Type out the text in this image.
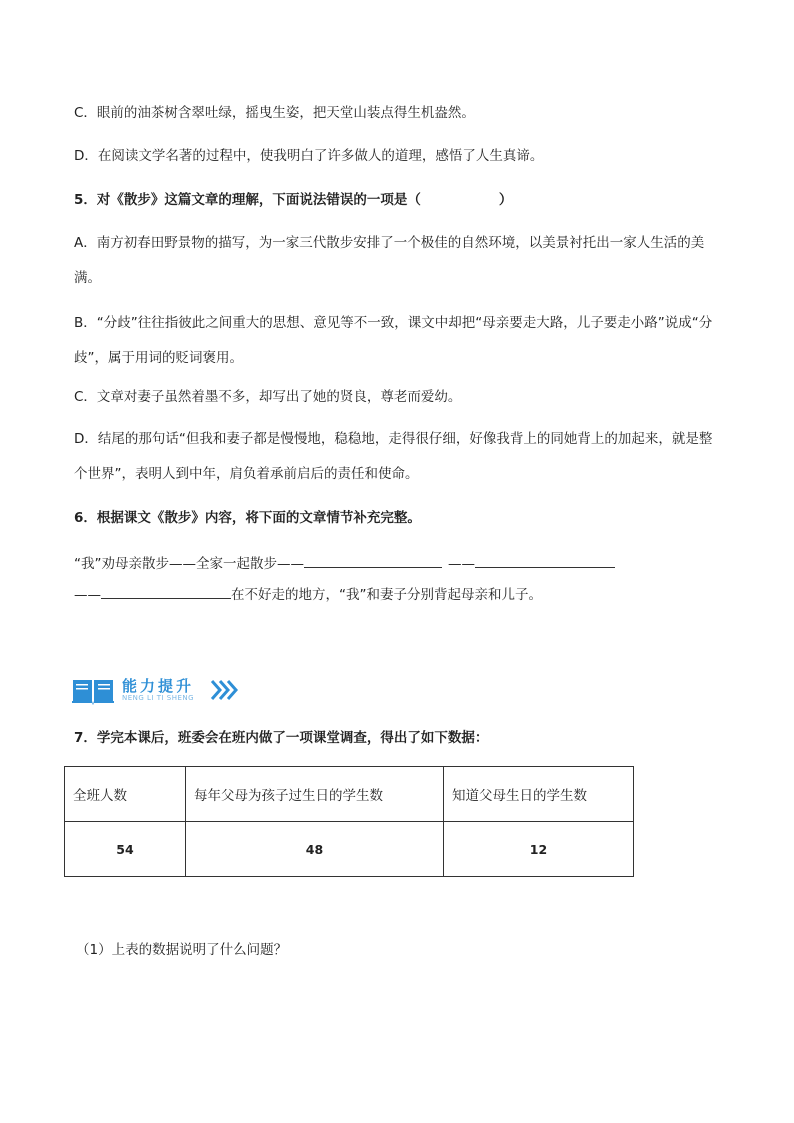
C．眼前的油茶树含翠吐绿，摇曳生姿，把天堂山装点得生机盎然。
D．在阅读文学名著的过程中，使我明白了许多做人的道理，感悟了人生真谛。
5．对《散步》这篇文章的理解，下面说法错误的一项是（	）
A．南方初春田野景物的描写，为一家三代散步安排了一个极佳的自然环境，以美景衬托出一家人生活的美满。
B．“分歧”往往指彼此之间重大的思想、意见等不一致，课文中却把“母亲要走大路，儿子要走小路”说成“分歧”，属于用词的贬词褒用。
C．文章对妻子虽然着墨不多，却写出了她的贤良，尊老而爱幼。
D．结尾的那句话“但我和妻子都是慢慢地，稳稳地，走得很仔细，好像我背上的同她背上的加起来，就是整个世界”，表明人到中年，肩负着承前启后的责任和使命。
6．根据课文《散步》内容，将下面的文章情节补充完整。
“我”劝母亲散步——全家一起散步——	——
——	在不好走的地方，“我”和妻子分别背起母亲和儿子。
能力提升
NENG LI TI SHENG
7．学完本课后，班委会在班内做了一项课堂调查，得出了如下数据：
全班人数	每年父母为孩子过生日的学生数	知道父母生日的学生数
54	48	12
（1）上表的数据说明了什么问题？
